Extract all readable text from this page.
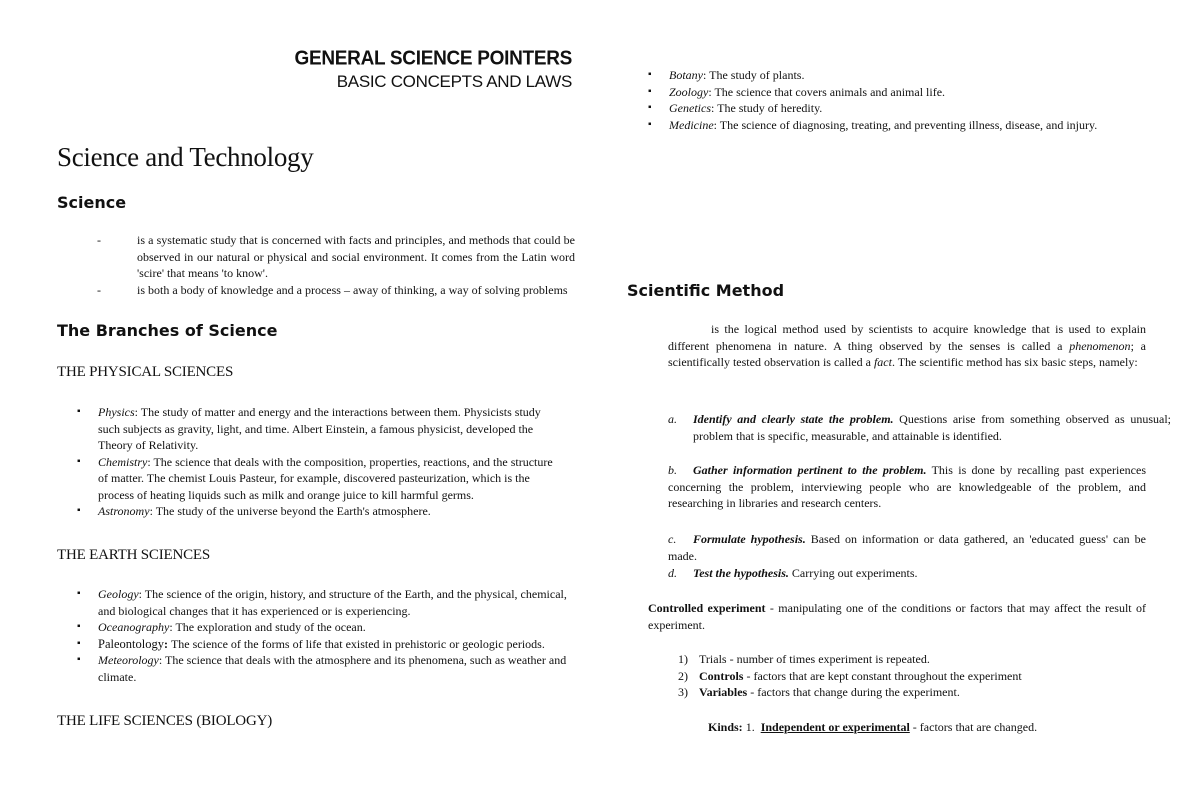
GENERAL SCIENCE POINTERS
BASIC CONCEPTS AND LAWS
Science and Technology
Science
-	is a systematic study that is concerned with facts and principles, and methods that could be observed in our natural or physical and social environment. It comes from the Latin word 'scire' that means 'to know'.
-	is both a body of knowledge and a process – away of thinking, a way of solving problems
The Branches of Science
THE PHYSICAL SCIENCES
▪ Physics: The study of matter and energy and the interactions between them. Physicists study such subjects as gravity, light, and time. Albert Einstein, a famous physicist, developed the Theory of Relativity.
▪ Chemistry: The science that deals with the composition, properties, reactions, and the structure of matter. The chemist Louis Pasteur, for example, discovered pasteurization, which is the process of heating liquids such as milk and orange juice to kill harmful germs.
▪ Astronomy: The study of the universe beyond the Earth's atmosphere.
THE EARTH SCIENCES
▪ Geology: The science of the origin, history, and structure of the Earth, and the physical, chemical, and biological changes that it has experienced or is experiencing.
▪ Oceanography: The exploration and study of the ocean.
▪ Paleontology: The science of the forms of life that existed in prehistoric or geologic periods.
▪ Meteorology: The science that deals with the atmosphere and its phenomena, such as weather and climate.
THE LIFE SCIENCES (BIOLOGY)
▪ Botany: The study of plants.
▪ Zoology: The science that covers animals and animal life.
▪ Genetics: The study of heredity.
▪ Medicine: The science of diagnosing, treating, and preventing illness, disease, and injury.
Scientific Method
is the logical method used by scientists to acquire knowledge that is used to explain different phenomena in nature. A thing observed by the senses is called a phenomenon; a scientifically tested observation is called a fact. The scientific method has six basic steps, namely:
a. Identify and clearly state the problem. Questions arise from something observed as unusual; problem that is specific, measurable, and attainable is identified.
b. Gather information pertinent to the problem. This is done by recalling past experiences concerning the problem, interviewing people who are knowledgeable of the problem, and researching in libraries and research centers.
c. Formulate hypothesis. Based on information or data gathered, an 'educated guess' can be made.
d. Test the hypothesis. Carrying out experiments.
Controlled experiment - manipulating one of the conditions or factors that may affect the result of experiment.
1) Trials - number of times experiment is repeated.
2) Controls - factors that are kept constant throughout the experiment
3) Variables - factors that change during the experiment.
Kinds: 1. Independent or experimental - factors that are changed.
